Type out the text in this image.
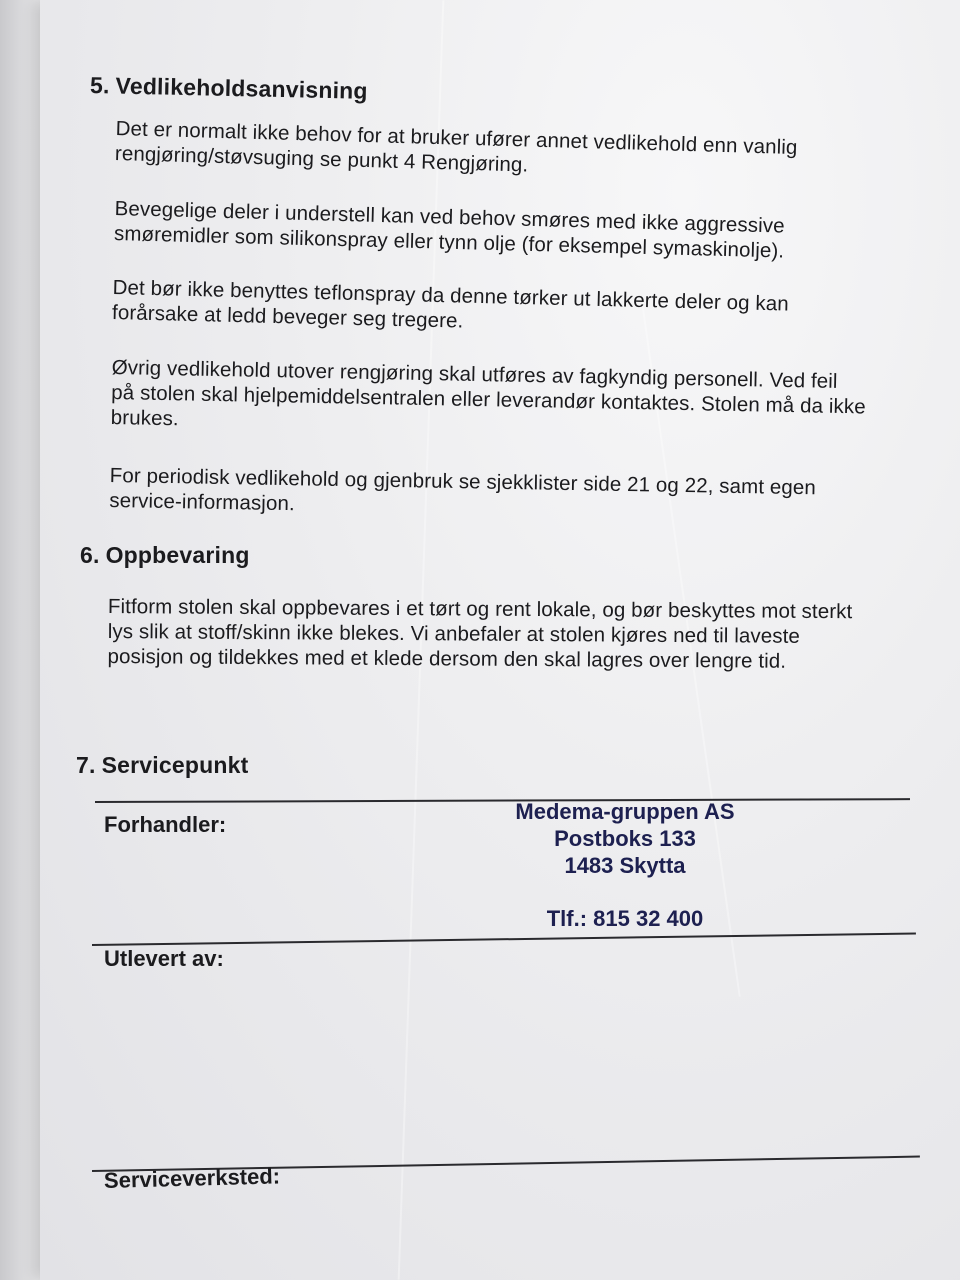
5. Vedlikeholdsanvisning
Det er normalt ikke behov for at bruker ufører annet vedlikehold enn vanlig
rengjøring/støvsuging se punkt 4 Rengjøring.
Bevegelige deler i understell kan ved behov smøres med ikke aggressive
smøremidler som silikonspray eller tynn olje (for eksempel symaskinolje).
Det bør ikke benyttes teflonspray da denne tørker ut lakkerte deler og kan
forårsake at ledd beveger seg tregere.
Øvrig vedlikehold utover rengjøring skal utføres av fagkyndig personell. Ved feil
på stolen skal hjelpemiddelsentralen eller leverandør kontaktes. Stolen må da ikke
brukes.
For periodisk vedlikehold og gjenbruk se sjekklister side 21 og 22, samt egen
service-informasjon.
6. Oppbevaring
Fitform stolen skal oppbevares i et tørt og rent lokale, og bør beskyttes mot sterkt
lys slik at stoff/skinn ikke blekes. Vi anbefaler at stolen kjøres ned til laveste
posisjon og tildekkes med et klede dersom den skal lagres over lengre tid.
7. Servicepunkt
Forhandler:
Medema-gruppen AS
Postboks 133
1483 Skytta
Tlf.: 815 32 400
Utlevert av:
Serviceverksted:
